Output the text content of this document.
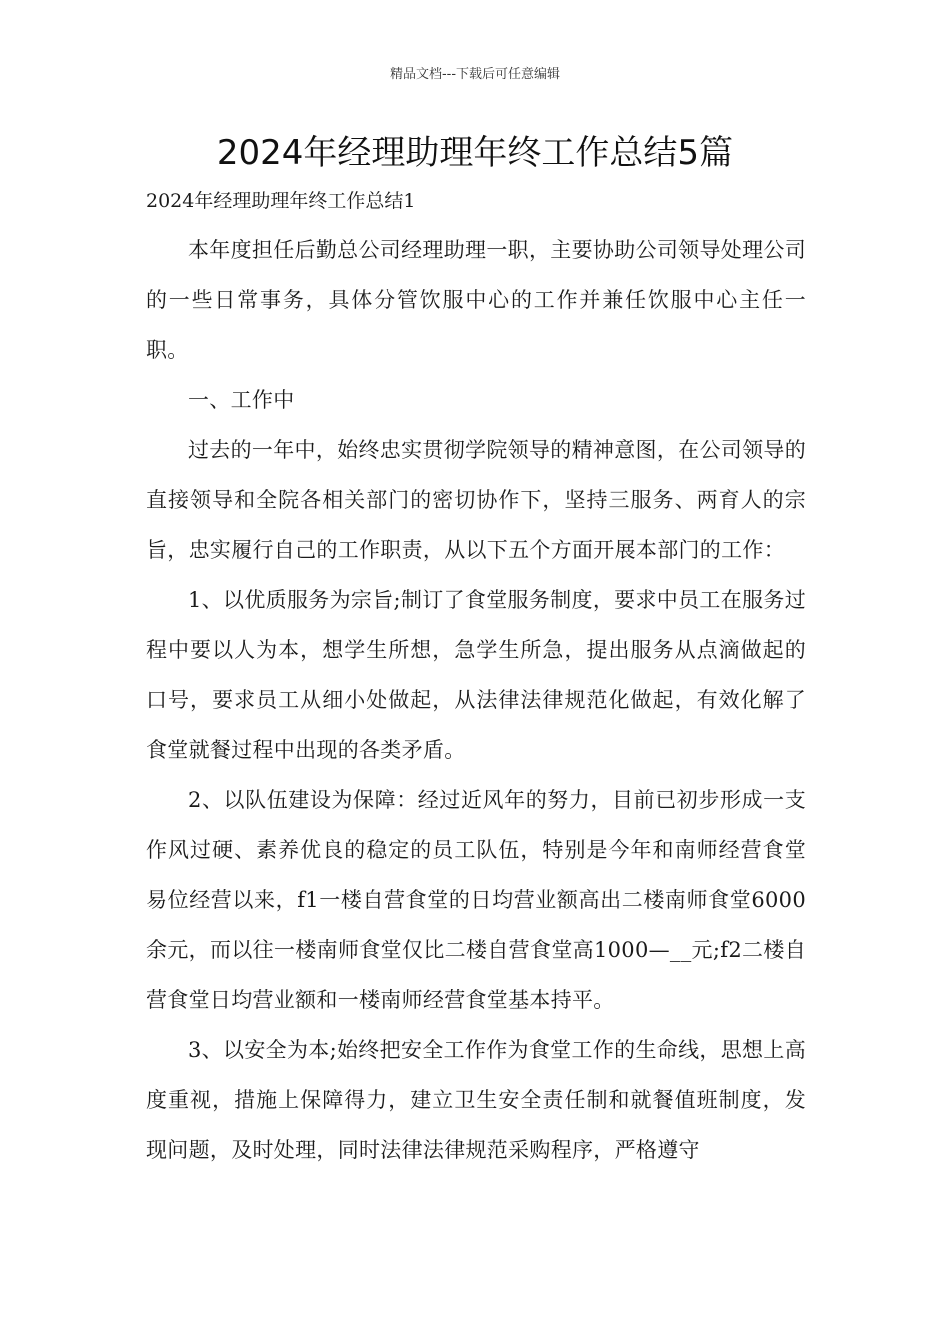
精品文档---下载后可任意编辑
2024年经理助理年终工作总结5篇
2024年经理助理年终工作总结1

本年度担任后勤总公司经理助理一职，主要协助公司领导处理公司的一些日常事务，具体分管饮服中心的工作并兼任饮服中心主任一职。

一、工作中

过去的一年中，始终忠实贯彻学院领导的精神意图，在公司领导的直接领导和全院各相关部门的密切协作下，坚持三服务、两育人的宗旨，忠实履行自己的工作职责，从以下五个方面开展本部门的工作：

1、以优质服务为宗旨;制订了食堂服务制度，要求中员工在服务过程中要以人为本，想学生所想，急学生所急，提出服务从点滴做起的口号，要求员工从细小处做起，从法律法律规范化做起，有效化解了食堂就餐过程中出现的各类矛盾。

2、以队伍建设为保障：经过近风年的努力，目前已初步形成一支作风过硬、素养优良的稳定的员工队伍，特别是今年和南师经营食堂易位经营以来，f1一楼自营食堂的日均营业额高出二楼南师食堂6000余元，而以往一楼南师食堂仅比二楼自营食堂高1000—__元;f2二楼自营食堂日均营业额和一楼南师经营食堂基本持平。

3、以安全为本;始终把安全工作作为食堂工作的生命线，思想上高度重视，措施上保障得力，建立卫生安全责任制和就餐值班制度，发现问题，及时处理，同时法律法律规范采购程序，严格遵守
